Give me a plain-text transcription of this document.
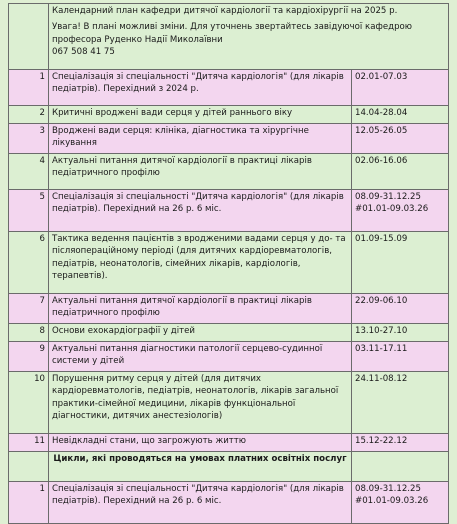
	Календарний план кафедри дитячої кардіології та кардіохірургії на 2025 р.
Увага! В плані можливі зміни. Для уточнень звертайтесь завідуючої кафедрою професора Руденко Надії Миколаївни
067 508 41 75	

1	Спеціалізація зі спеціальності "Дитяча кардіологія" (для лікарів педіатрів). Перехідний з 2024 р.	02.01-07.03
2	Критичні вроджені вади серця у дітей раннього віку	14.04-28.04
3	Вроджені вади серця: клініка, діагностика та хірургічне лікування	12.05-26.05
4	Актуальні питання дитячої кардіології в практиці лікарів педіатричного профілю	02.06-16.06
5	Спеціалізація зі спеціальності "Дитяча кардіологія" (для лікарів педіатрів). Перехідний на 26 р. 6 міс.	08.09-31.12.25 #01.01-09.03.26
6	Тактика ведення пацієнтів з вродженими вадами серця у до- та післяопераційному періоді (для дитячих кардіоревматологів, педіатрів, неонатологів, сімейних лікарів, кардіологів, терапевтів).	01.09-15.09
7	Актуальні питання дитячої кардіології в практиці лікарів педіатричного профілю	22.09-06.10
8	Основи ехокардіографії у дітей	13.10-27.10
9	Актуальні питання діагностики патології серцево-судинної системи у дітей	03.11-17.11
10	Порушення ритму серця у дітей (для дитячих кардіоревматологів, педіатрів, неонатологів, лікарів загальної практики-сімейної медицини, лікарів функціональної діагностики, дитячих анестезіологів)	24.11-08.12
11	Невідкладні стани, що загрожують життю	15.12-22.12
	Цикли, які проводяться на умовах платних освітніх послуг	
1	Спеціалізація зі спеціальності "Дитяча кардіологія" (для лікарів педіатрів). Перехідний на 26 р. 6 міс.	08.09-31.12.25 #01.01-09.03.26
